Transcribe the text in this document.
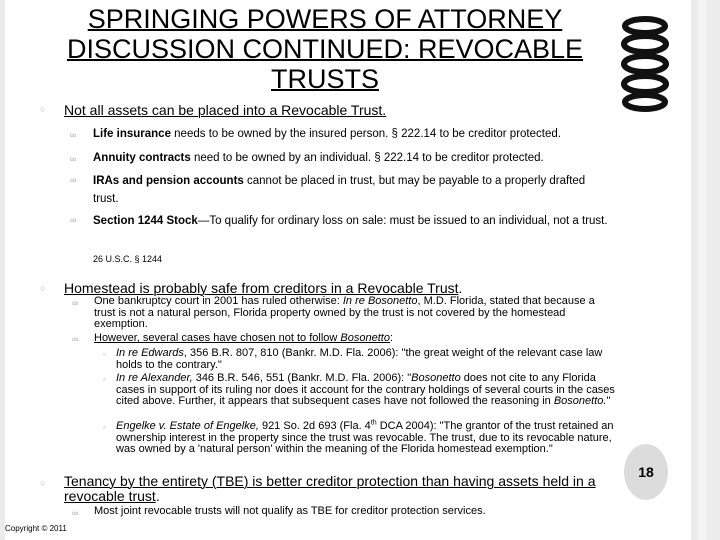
SPRINGING POWERS OF ATTORNEY DISCUSSION CONTINUED: REVOCABLE TRUSTS
○ Not all assets can be placed into a Revocable Trust.
∞ Life insurance needs to be owned by the insured person. § 222.14 to be creditor protected.
∞ Annuity contracts need to be owned by an individual. § 222.14 to be creditor protected.
∞ IRAs and pension accounts cannot be placed in trust, but may be payable to a properly drafted trust.
∞ Section 1244 Stock—To qualify for ordinary loss on sale: must be issued to an individual, not a trust.
26 U.S.C. § 1244
○ Homestead is probably safe from creditors in a Revocable Trust.
∞ One bankruptcy court in 2001 has ruled otherwise: In re Bosonetto, M.D. Florida, stated that because a trust is not a natural person, Florida property owned by the trust is not covered by the homestead exemption.
∞ However, several cases have chosen not to follow Bosonetto:
▫ In re Edwards, 356 B.R. 807, 810 (Bankr. M.D. Fla. 2006): "the great weight of the relevant case law holds to the contrary."
▫ In re Alexander, 346 B.R. 546, 551 (Bankr. M.D. Fla. 2006): "Bosonetto does not cite to any Florida cases in support of its ruling nor does it account for the contrary holdings of several courts in the cases cited above. Further, it appears that subsequent cases have not followed the reasoning in Bosonetto."
▫ Engelke v. Estate of Engelke, 921 So. 2d 693 (Fla. 4th DCA 2004): "The grantor of the trust retained an ownership interest in the property since the trust was revocable. The trust, due to its revocable nature, was owned by a 'natural person' within the meaning of the Florida homestead exemption."
○ Tenancy by the entirety (TBE) is better creditor protection than having assets held in a revocable trust.
∞ Most joint revocable trusts will not qualify as TBE for creditor protection services.
18
Copyright © 2011
